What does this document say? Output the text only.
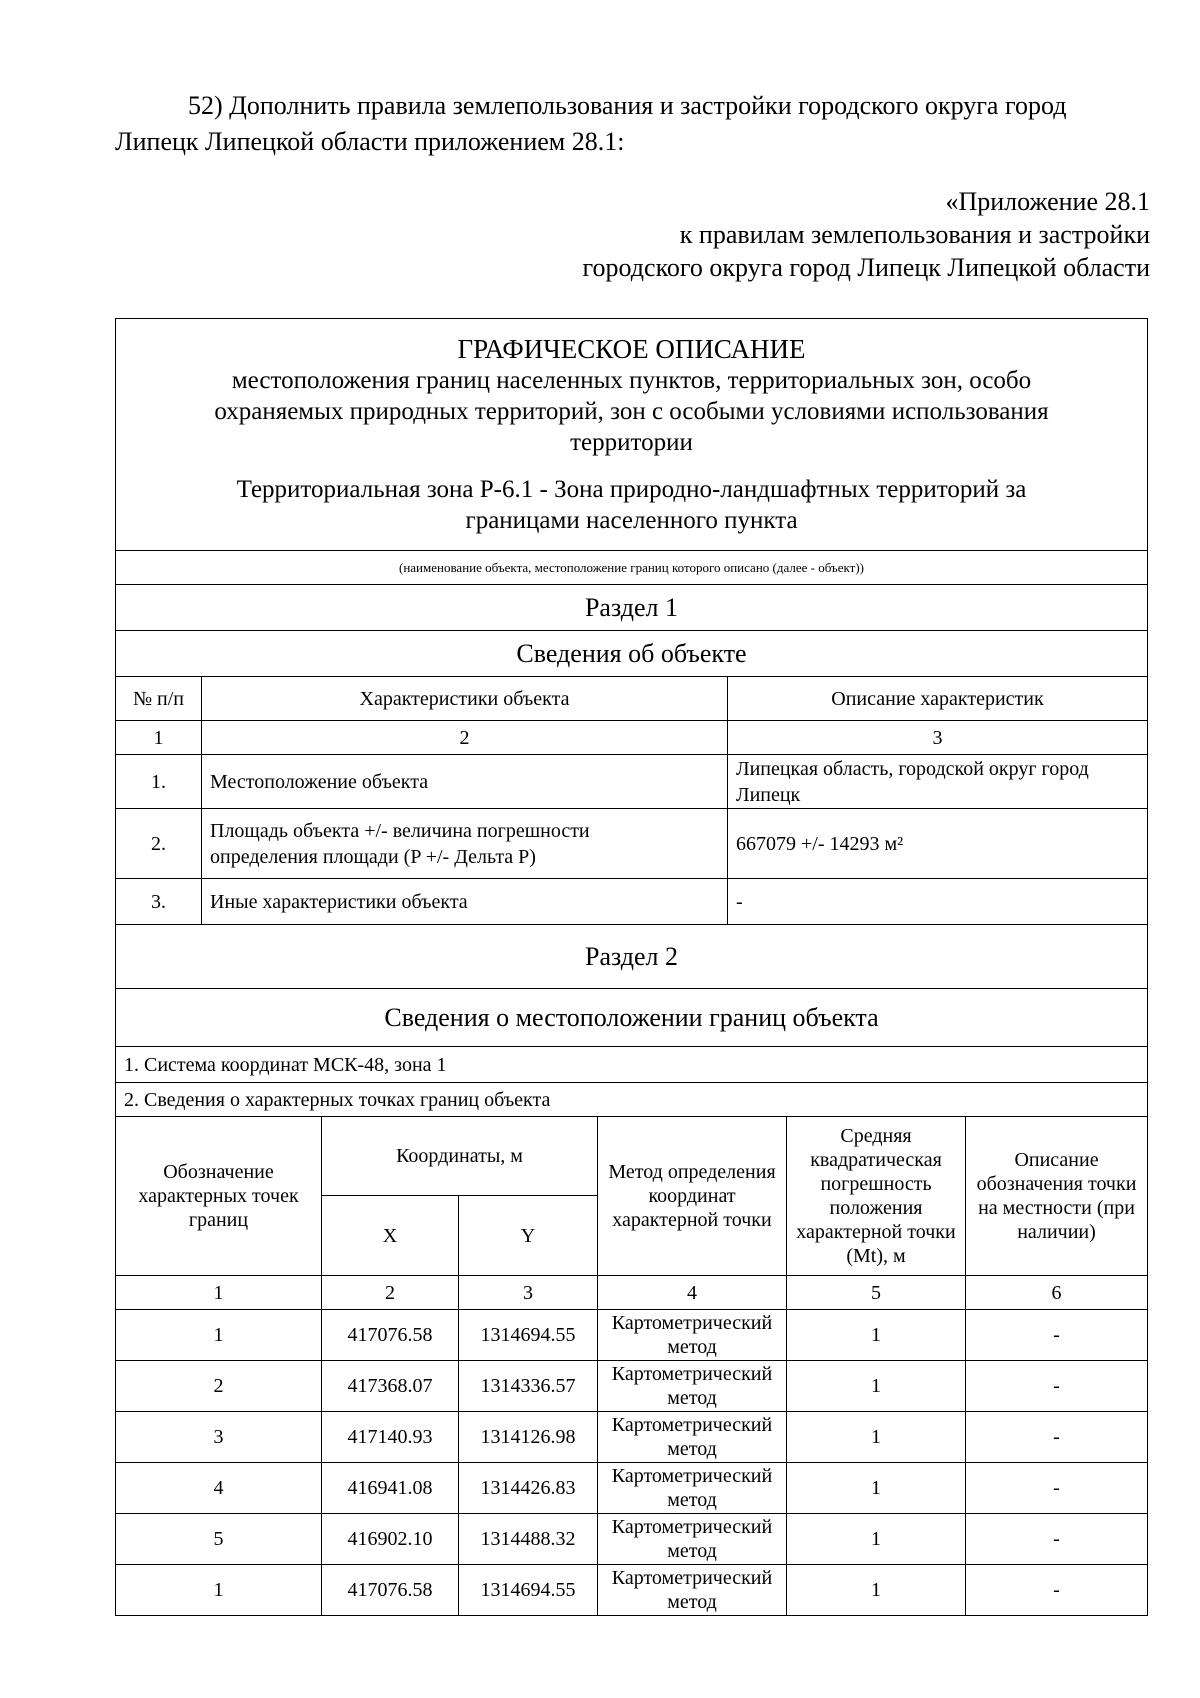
52) Дополнить правила землепользования и застройки городского округа город
Липецк Липецкой области приложением 28.1:
«Приложение 28.1
к правилам землепользования и застройки
городского округа город Липецк Липецкой области
ГРАФИЧЕСКОЕ ОПИСАНИЕ
местоположения границ населенных пунктов, территориальных зон, особо охраняемых природных территорий, зон с особыми условиями использования территории
Территориальная зона Р-6.1 - Зона природно-ландшафтных территорий за границами населенного пункта		

(наименование объекта, местоположение границ которого описано (далее - объект))		
Раздел 1		
Сведения об объекте		
№ п/п	Характеристики объекта	Описание характеристик
1	2	3
1.	Местоположение объекта	Липецкая область, городской округ город Липецк
2.	Площадь объекта +/- величина погрешности определения площади (P +/- Дельта P)	667079 +/- 14293 м²
3.	Иные характеристики объекта	-
Раздел 2					
Сведения о местоположении границ объекта					
1. Система координат МСК-48, зона 1					
2. Сведения о характерных точках границ объекта					
Обозначение характерных точек границ	Координаты, м		Метод определения координат характерной точки	Средняя квадратическая погрешность положения характерной точки (Mt), м	Описание обозначения точки на местности (при наличии)
	X	Y			
1	2	3	4	5	6
1	417076.58	1314694.55	Картометрический метод	1	-
2	417368.07	1314336.57	Картометрический метод	1	-
3	417140.93	1314126.98	Картометрический метод	1	-
4	416941.08	1314426.83	Картометрический метод	1	-
5	416902.10	1314488.32	Картометрический метод	1	-
1	417076.58	1314694.55	Картометрический метод	1	-
